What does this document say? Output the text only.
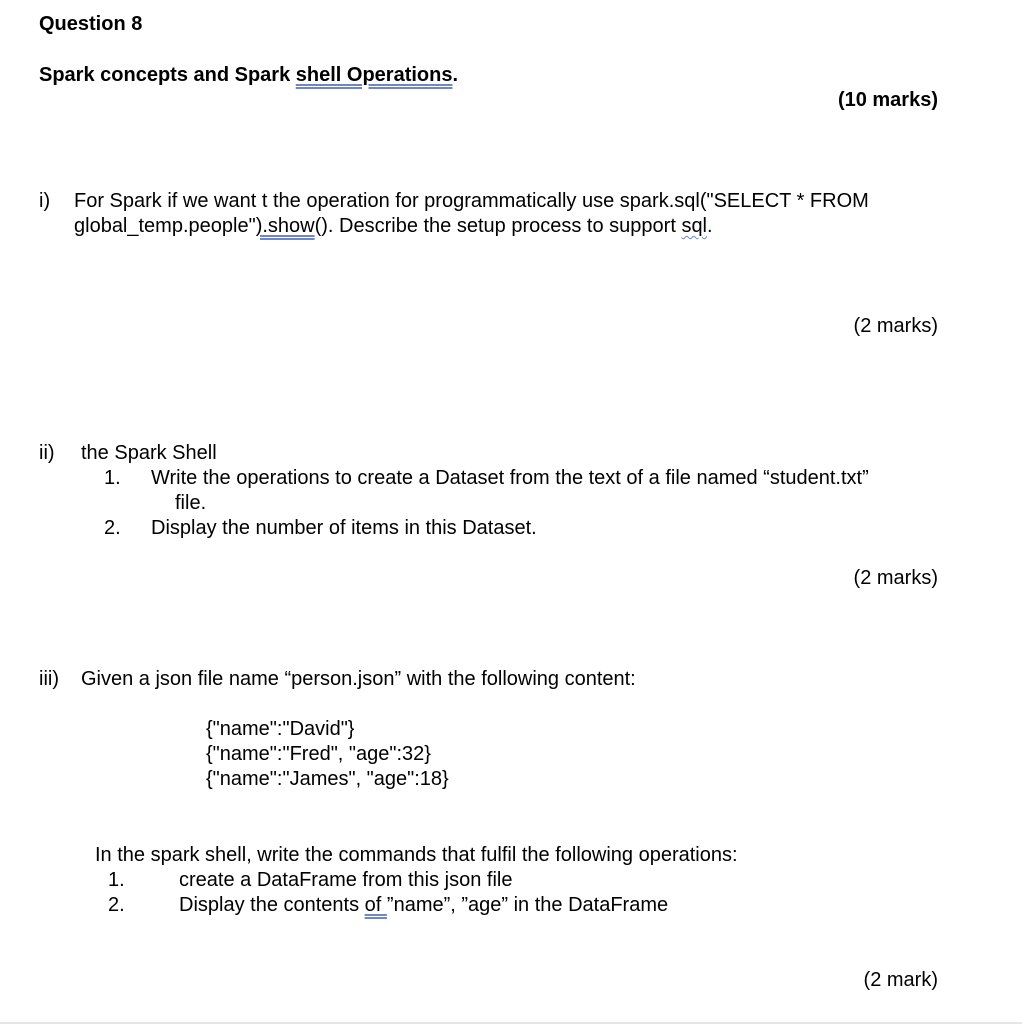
Question 8
Spark concepts and Spark shell Operations.
(10 marks)
i) For Spark if we want t the operation for programmatically use spark.sql("SELECT * FROM
global_temp.people").show(). Describe the setup process to support sql.
(2 marks)
ii) the Spark Shell
1. Write the operations to create a Dataset from the text of a file named “student.txt”
file.
2. Display the number of items in this Dataset.
(2 marks)
iii) Given a json file name “person.json” with the following content:
{"name":"David"}
{"name":"Fred", "age":32}
{"name":"James", "age":18}
In the spark shell, write the commands that fulfil the following operations:
1.	create a DataFrame from this json file
2.	Display the contents of ”name”, ”age” in the DataFrame
(2 mark)
